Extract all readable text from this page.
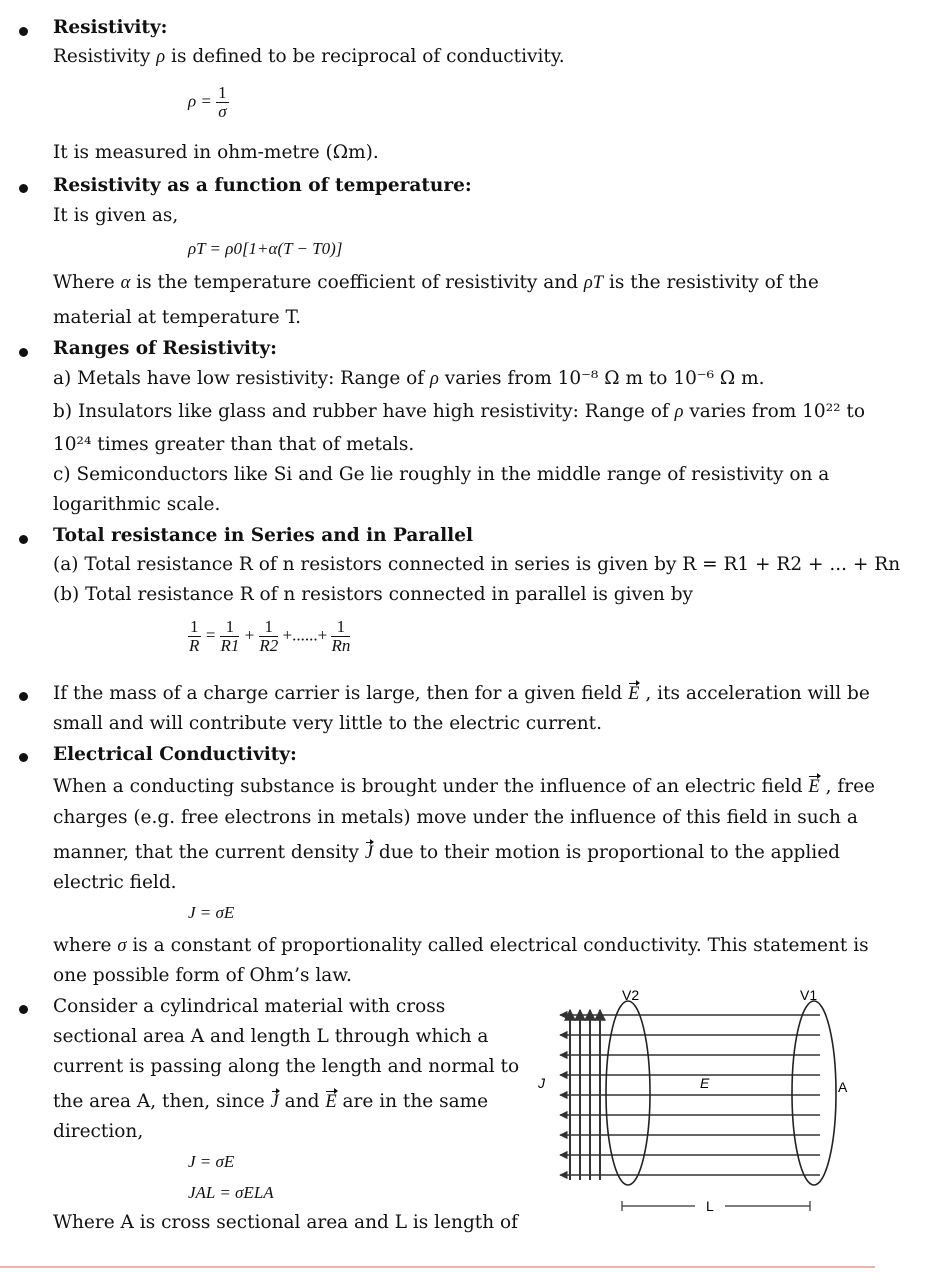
Resistivity:
Resistivity ρ is defined to be reciprocal of conductivity.
$\rho = \frac{1}{\sigma}$
It is measured in ohm-metre (Ωm).
Resistivity as a function of temperature:
It is given as,
ρT = ρ0[1+α(T − T0)]
Where α is the temperature coefficient of resistivity and ρT is the resistivity of the
material at temperature T.
Ranges of Resistivity:
a) Metals have low resistivity: Range of ρ varies from 10⁻⁸ Ω m to 10⁻⁶ Ω m.
b) Insulators like glass and rubber have high resistivity: Range of ρ varies from 10²² to
10²⁴ times greater than that of metals.
c) Semiconductors like Si and Ge lie roughly in the middle range of resistivity on a
logarithmic scale.
Total resistance in Series and in Parallel
(a) Total resistance R of n resistors connected in series is given by R = R1 + R2 + ... + Rn
(b) Total resistance R of n resistors connected in parallel is given by
$\frac{1}{R} = \frac{1}{R1} + \frac{1}{R2}$ +......+ $\frac{1}{Rn}$
If the mass of a charge carrier is large, then for a given field E , its acceleration will be
small and will contribute very little to the electric current.
Electrical Conductivity:
When a conducting substance is brought under the influence of an electric field E , free
charges (e.g. free electrons in metals) move under the influence of this field in such a
manner, that the current density J due to their motion is proportional to the applied
electric field.
J = σE
where σ is a constant of proportionality called electrical conductivity. This statement is
one possible form of Ohm’s law.
Consider a cylindrical material with cross
sectional area A and length L through which a
current is passing along the length and normal to
the area A, then, since J and E are in the same
direction,
J = σE
JAL = σELA
Where A is cross sectional area and L is length of
V2	V1
J	E	A
L
